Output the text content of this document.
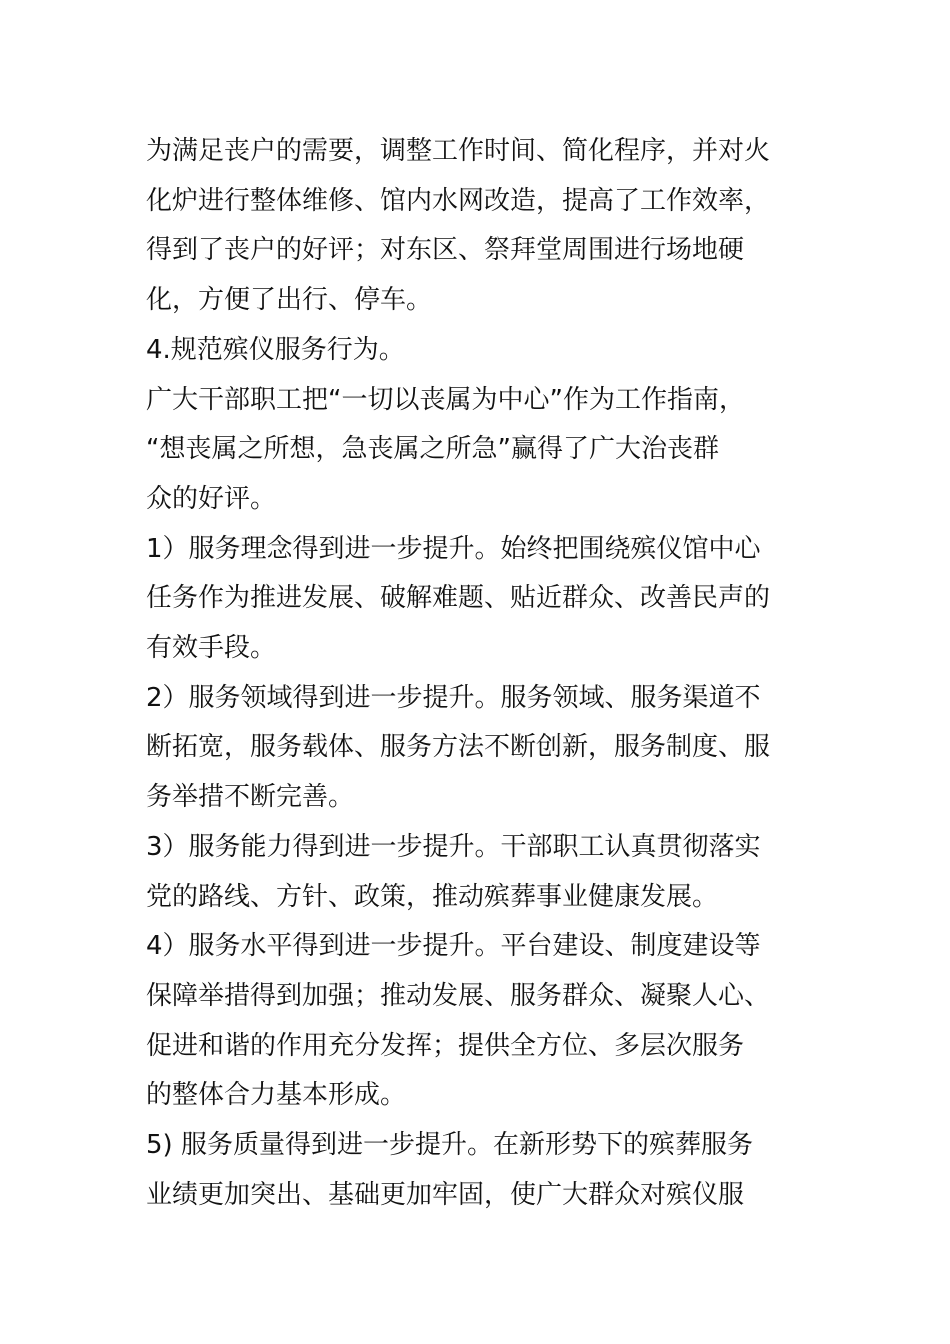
为满足丧户的需要，调整工作时间、简化程序，并对火
化炉进行整体维修、馆内水网改造，提高了工作效率，
得到了丧户的好评；对东区、祭拜堂周围进行场地硬
化，方便了出行、停车。

4.规范殡仪服务行为。

广大干部职工把“一切以丧属为中心”作为工作指南，
“想丧属之所想，急丧属之所急”赢得了广大治丧群
众的好评。

1）服务理念得到进一步提升。始终把围绕殡仪馆中心
任务作为推进发展、破解难题、贴近群众、改善民声的
有效手段。

2）服务领域得到进一步提升。服务领域、服务渠道不
断拓宽，服务载体、服务方法不断创新，服务制度、服
务举措不断完善。

3）服务能力得到进一步提升。干部职工认真贯彻落实
党的路线、方针、政策，推动殡葬事业健康发展。

4）服务水平得到进一步提升。平台建设、制度建设等
保障举措得到加强；推动发展、服务群众、凝聚人心、
促进和谐的作用充分发挥；提供全方位、多层次服务
的整体合力基本形成。

5) 服务质量得到进一步提升。在新形势下的殡葬服务
业绩更加突出、基础更加牢固，使广大群众对殡仪服
